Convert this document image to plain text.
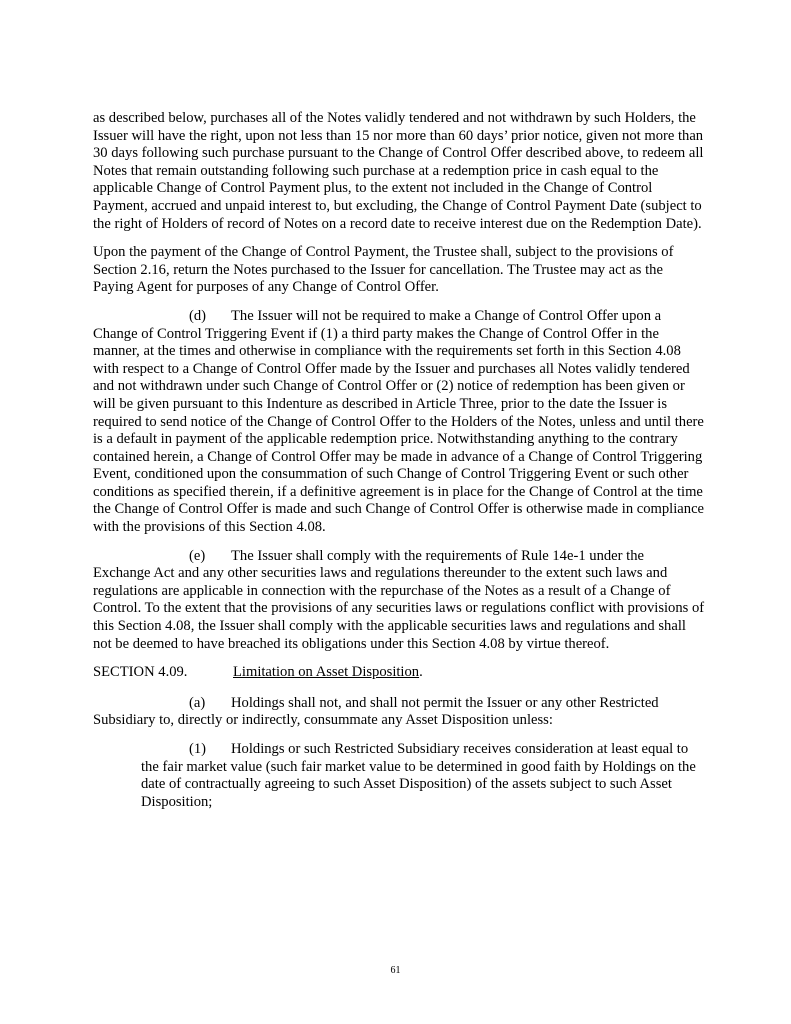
as described below, purchases all of the Notes validly tendered and not withdrawn by such Holders, the Issuer will have the right, upon not less than 15 nor more than 60 days’ prior notice, given not more than 30 days following such purchase pursuant to the Change of Control Offer described above, to redeem all Notes that remain outstanding following such purchase at a redemption price in cash equal to the applicable Change of Control Payment plus, to the extent not included in the Change of Control Payment, accrued and unpaid interest to, but excluding, the Change of Control Payment Date (subject to the right of Holders of record of Notes on a record date to receive interest due on the Redemption Date).

Upon the payment of the Change of Control Payment, the Trustee shall, subject to the provisions of Section 2.16, return the Notes purchased to the Issuer for cancellation. The Trustee may act as the Paying Agent for purposes of any Change of Control Offer.

(d) The Issuer will not be required to make a Change of Control Offer upon a Change of Control Triggering Event if (1) a third party makes the Change of Control Offer in the manner, at the times and otherwise in compliance with the requirements set forth in this Section 4.08 with respect to a Change of Control Offer made by the Issuer and purchases all Notes validly tendered and not withdrawn under such Change of Control Offer or (2) notice of redemption has been given or will be given pursuant to this Indenture as described in Article Three, prior to the date the Issuer is required to send notice of the Change of Control Offer to the Holders of the Notes, unless and until there is a default in payment of the applicable redemption price. Notwithstanding anything to the contrary contained herein, a Change of Control Offer may be made in advance of a Change of Control Triggering Event, conditioned upon the consummation of such Change of Control Triggering Event or such other conditions as specified therein, if a definitive agreement is in place for the Change of Control at the time the Change of Control Offer is made and such Change of Control Offer is otherwise made in compliance with the provisions of this Section 4.08.

(e) The Issuer shall comply with the requirements of Rule 14e-1 under the Exchange Act and any other securities laws and regulations thereunder to the extent such laws and regulations are applicable in connection with the repurchase of the Notes as a result of a Change of Control. To the extent that the provisions of any securities laws or regulations conflict with provisions of this Section 4.08, the Issuer shall comply with the applicable securities laws and regulations and shall not be deemed to have breached its obligations under this Section 4.08 by virtue thereof.

SECTION 4.09.	Limitation on Asset Disposition.

(a) Holdings shall not, and shall not permit the Issuer or any other Restricted Subsidiary to, directly or indirectly, consummate any Asset Disposition unless:

(1) Holdings or such Restricted Subsidiary receives consideration at least equal to the fair market value (such fair market value to be determined in good faith by Holdings on the date of contractually agreeing to such Asset Disposition) of the assets subject to such Asset Disposition;

61
